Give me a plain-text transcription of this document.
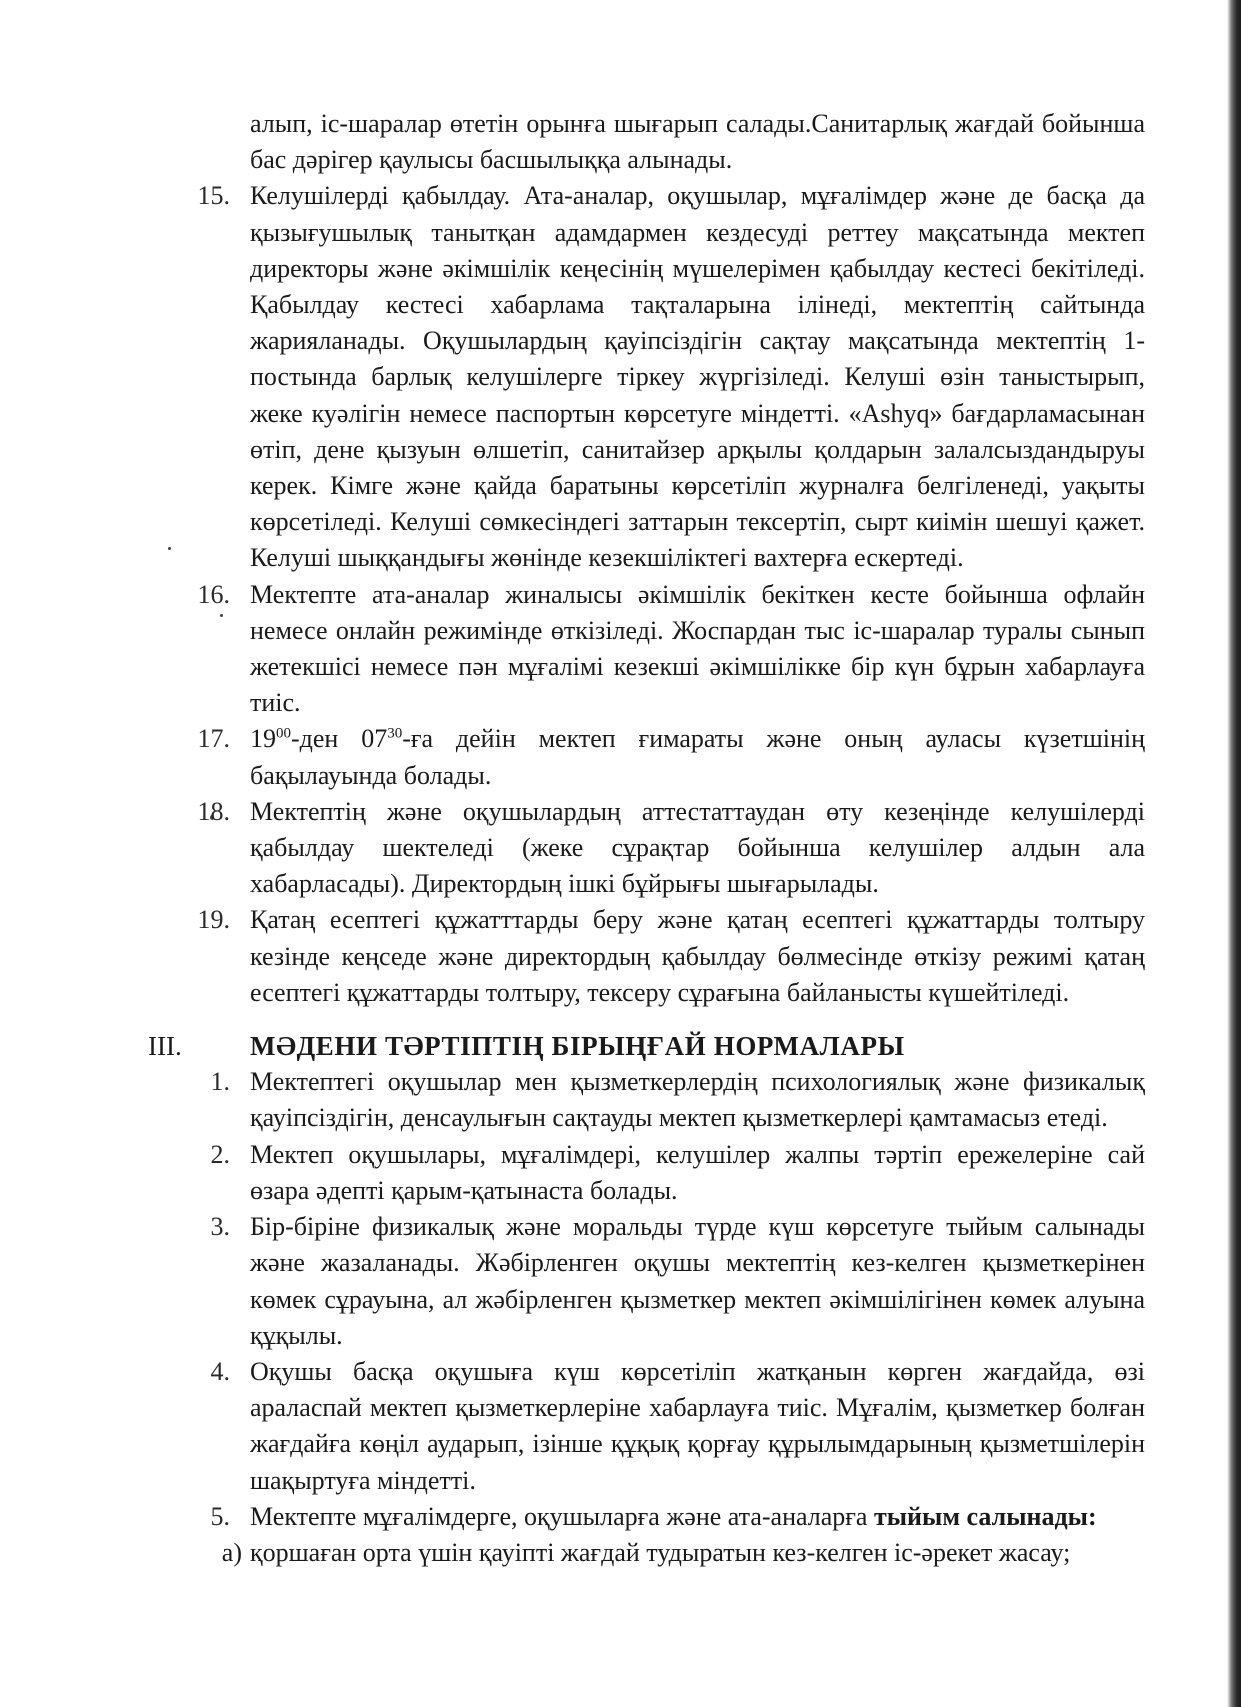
алып, іс-шаралар өтетін орынға шығарып салады.Санитарлық жағдай бойынша бас дәрігер қаулысы басшылыққа алынады.
15. Келушілерді қабылдау. Ата-аналар, оқушылар, мұғалімдер және де басқа да қызығушылық танытқан адамдармен кездесуді реттеу мақсатында мектеп директоры және әкімшілік кеңесінің мүшелерімен қабылдау кестесі бекітіледі. Қабылдау кестесі хабарлама тақталарына ілінеді, мектептің сайтында жарияланады. Оқушылардың қауіпсіздігін сақтау мақсатында мектептің 1-постында барлық келушілерге тіркеу жүргізіледі. Келуші өзін таныстырып, жеке куәлігін немесе паспортын көрсетуге міндетті. «Ashyq» бағдарламасынан өтіп, дене қызуын өлшетіп, санитайзер арқылы қолдарын залалсыздандыруы керек. Кімге және қайда баратыны көрсетіліп журналға белгіленеді, уақыты көрсетіледі. Келуші сөмкесіндегі заттарын тексертіп, сырт киімін шешуі қажет. Келуші шыққандығы жөнінде кезекшіліктегі вахтерға ескертеді.
16. Мектепте ата-аналар жиналысы әкімшілік бекіткен кесте бойынша офлайн немесе онлайн режимінде өткізіледі. Жоспардан тыс іс-шаралар туралы сынып жетекшісі немесе пән мұғалімі кезекші әкімшілікке бір күн бұрын хабарлауға тиіс.
17. $19^{00}$-ден $07^{30}-ға$ дейін мектеп ғимараты және оның ауласы күзетшінің бақылауында болады.
18. Мектептің және оқушылардың аттестаттаудан өту кезеңінде келушілерді қабылдау шектеледі (жеке сұрақтар бойынша келушілер алдын ала хабарласады). Директордың ішкі бұйрығы шығарылады.
19. Қатаң есептегі құжатттарды беру және қатаң есептегі құжаттарды толтыру кезінде кеңседе және директордың қабылдау бөлмесінде өткізу режимі қатаң есептегі құжаттарды толтыру, тексеру сұрағына байланысты күшейтіледі.
III.	МӘДЕНИ ТӘРТІПТІҢ БІРЫҢҒАЙ НОРМАЛАРЫ
1. Мектептегі оқушылар мен қызметкерлердің психологиялық және физикалық қауіпсіздігін, денсаулығын сақтауды мектеп қызметкерлері қамтамасыз етеді.
2. Мектеп оқушылары, мұғалімдері, келушілер жалпы тәртіп ережелеріне сай өзара әдепті қарым-қатынаста болады.
3. Бір-біріне физикалық және моральды түрде күш көрсетуге тыйым салынады және жазаланады. Жәбірленген оқушы мектептің кез-келген қызметкерінен көмек сұрауына, ал жәбірленген қызметкер мектеп әкімшілігінен көмек алуына құқылы.
4. Оқушы басқа оқушыға күш көрсетіліп жатқанын көрген жағдайда, өзі араласпай мектеп қызметкерлеріне хабарлауға тиіс. Мұғалім, қызметкер болған жағдайға көңіл аударып, ізінше құқық қорғау құрылымдарының қызметшілерін шақыртуға міндетті.
5. Мектепте мұғалімдерге, оқушыларға және ата-аналарға тыйым салынады:
а) қоршаған орта үшін қауіпті жағдай тудыратын кез-келген іс-әрекет жасау;
